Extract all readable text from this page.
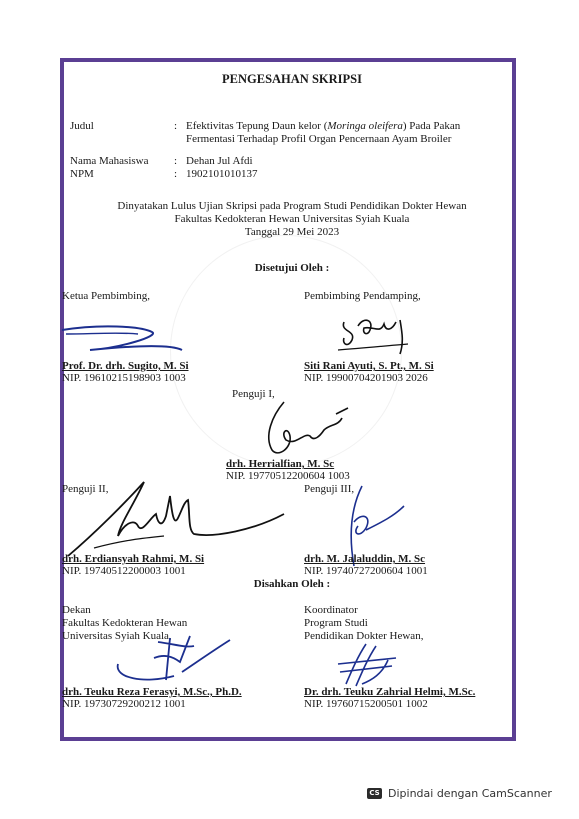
PENGESAHAN SKRIPSI
Judul	: Efektivitas Tepung Daun kelor (Moringa oleifera) Pada Pakan
Fermentasi Terhadap Profil Organ Pencernaan Ayam Broiler
Nama Mahasiswa : Dehan Jul Afdi
NPM	: 1902101010137
Dinyatakan Lulus Ujian Skripsi pada Program Studi Pendidikan Dokter Hewan
Fakultas Kedokteran Hewan Universitas Syiah Kuala
Tanggal 29 Mei 2023
Disetujui Oleh :
Ketua Pembimbing,	Pembimbing Pendamping,
Prof. Dr. drh. Sugito, M. Si
NIP. 19610215198903 1003
Siti Rani Ayuti, S. Pt., M. Si
NIP. 19900704201903 2026
Penguji I,
drh. Herrialfian, M. Sc
NIP. 19770512200604 1003
Penguji II,	Penguji III,
drh. Erdiansyah Rahmi, M. Si
NIP. 19740512200003 1001
drh. M. Jalaluddin, M. Sc
NIP. 19740727200604 1001
Disahkan Oleh :
Dekan
Fakultas Kedokteran Hewan
Universitas Syiah Kuala,
Koordinator
Program Studi
Pendidikan Dokter Hewan,
drh. Teuku Reza Ferasyi, M.Sc., Ph.D.
NIP. 19730729200212 1001
Dr. drh. Teuku Zahrial Helmi, M.Sc.
NIP. 19760715200501 1002
CS Dipindai dengan CamScanner
